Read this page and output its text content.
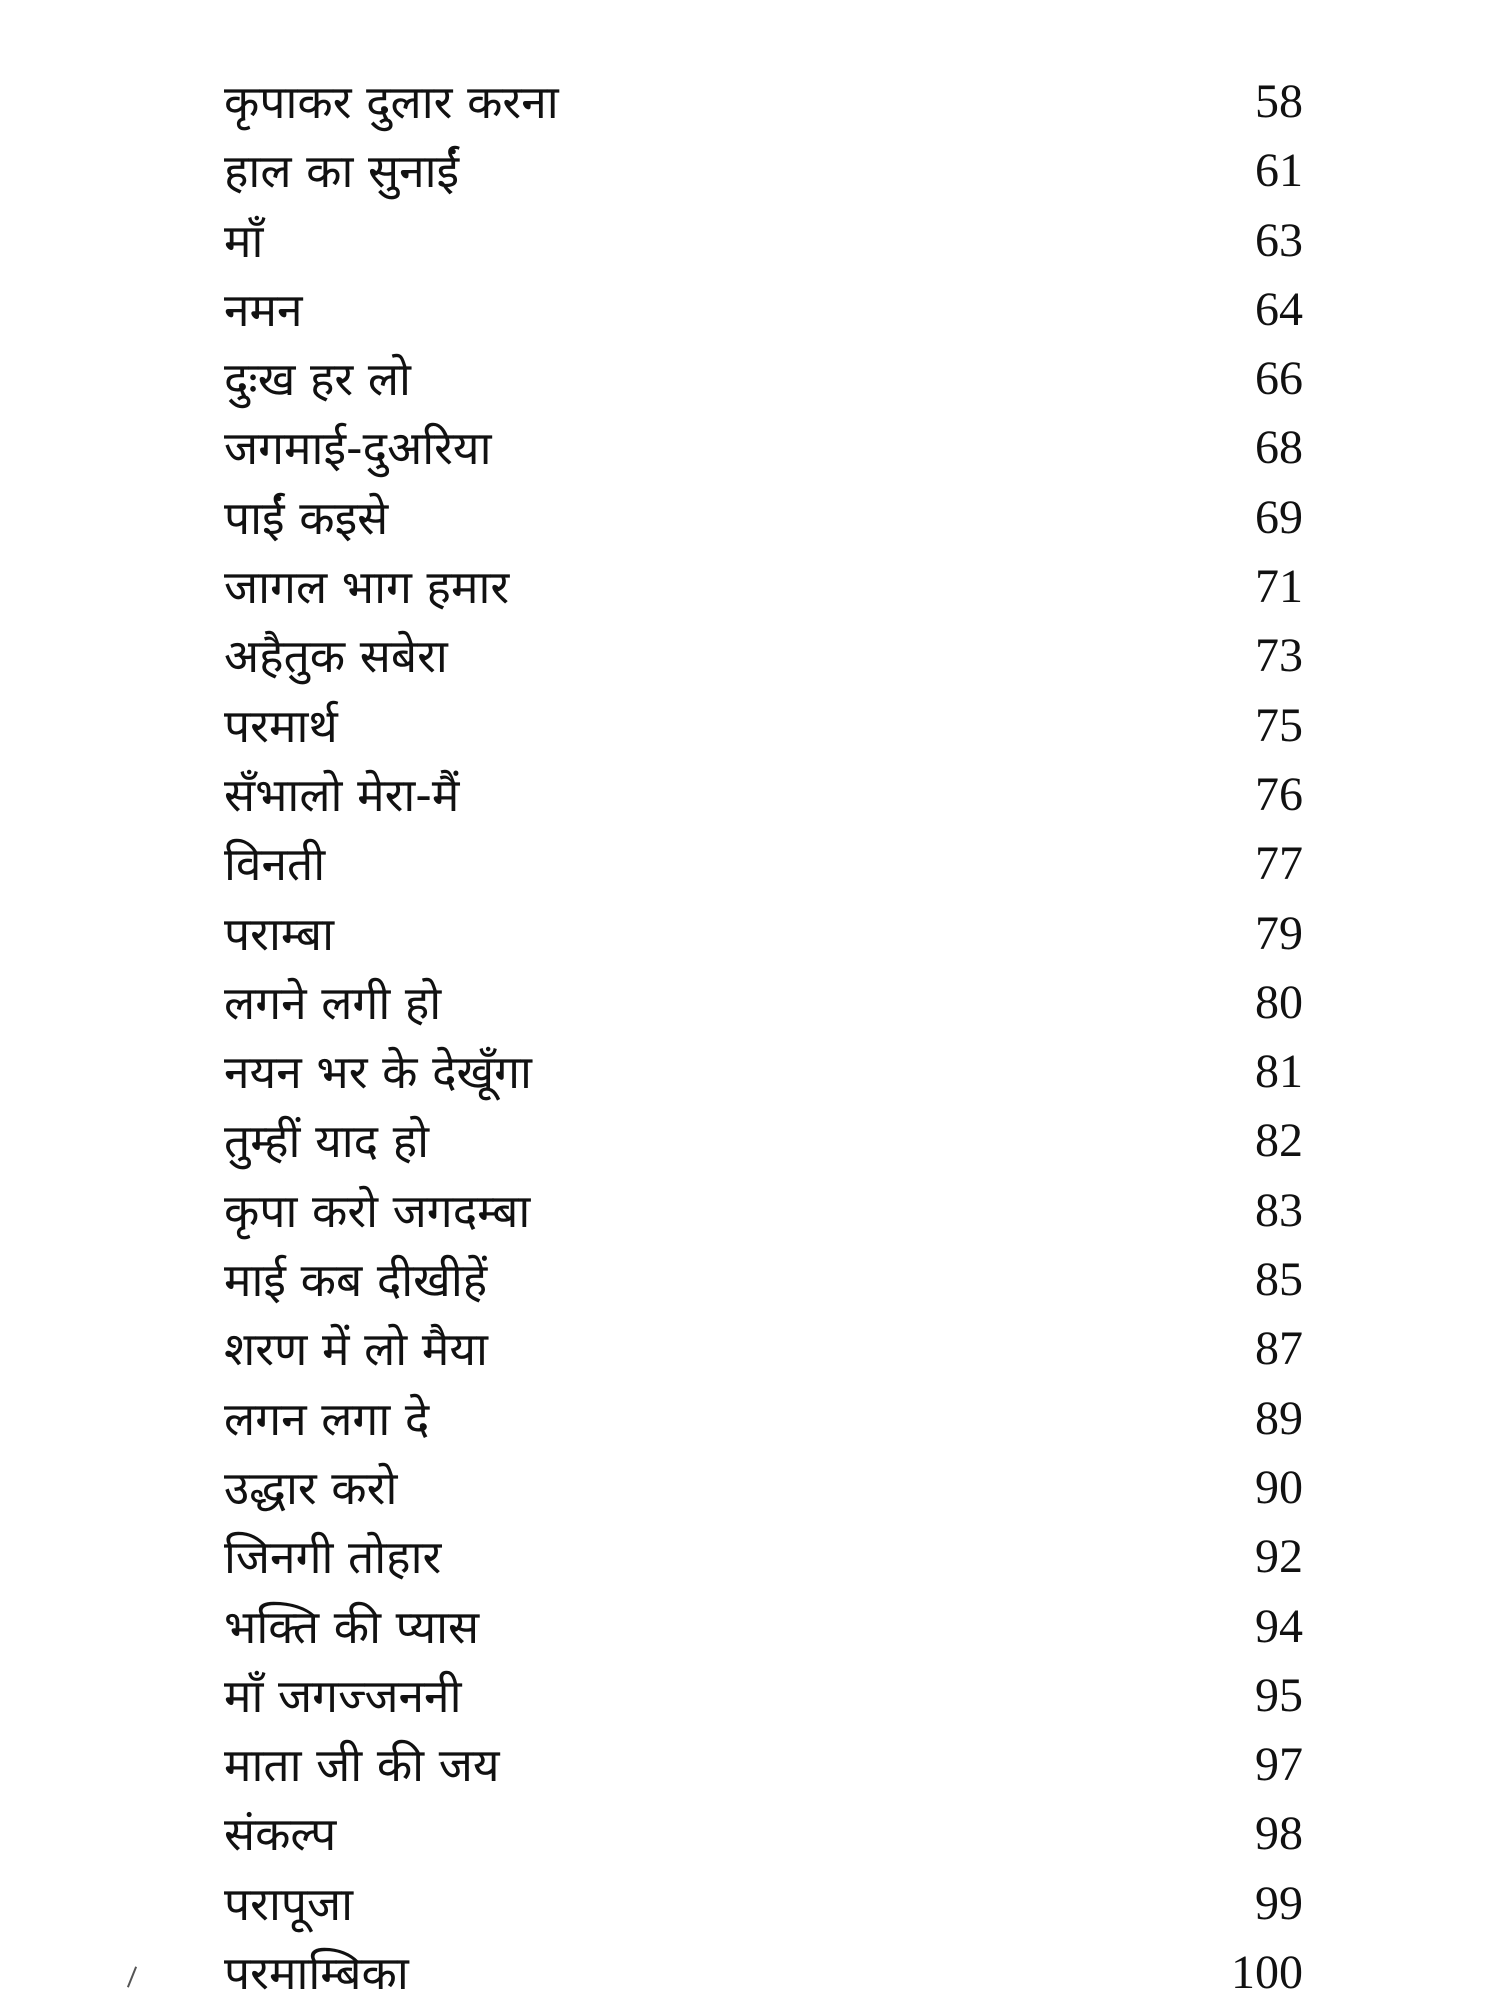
कृपाकर दुलार करना	58
हाल का सुनाईं	61
माँ	63
नमन	64
दुःख हर लो	66
जगमाई-दुअरिया	68
पाईं कइसे	69
जागल भाग हमार	71
अहैतुक सबेरा	73
परमार्थ	75
सँभालो मेरा-मैं	76
विनती	77
पराम्बा	79
लगने लगी हो	80
नयन भर के देखूँगा	81
तुम्हीं याद हो	82
कृपा करो जगदम्बा	83
माई कब दीखीहें	85
शरण में लो मैया	87
लगन लगा दे	89
उद्धार करो	90
जिनगी तोहार	92
भक्ति की प्यास	94
माँ जगज्जननी	95
माता जी की जय	97
संकल्प	98
परापूजा	99
परमाम्बिका	100
